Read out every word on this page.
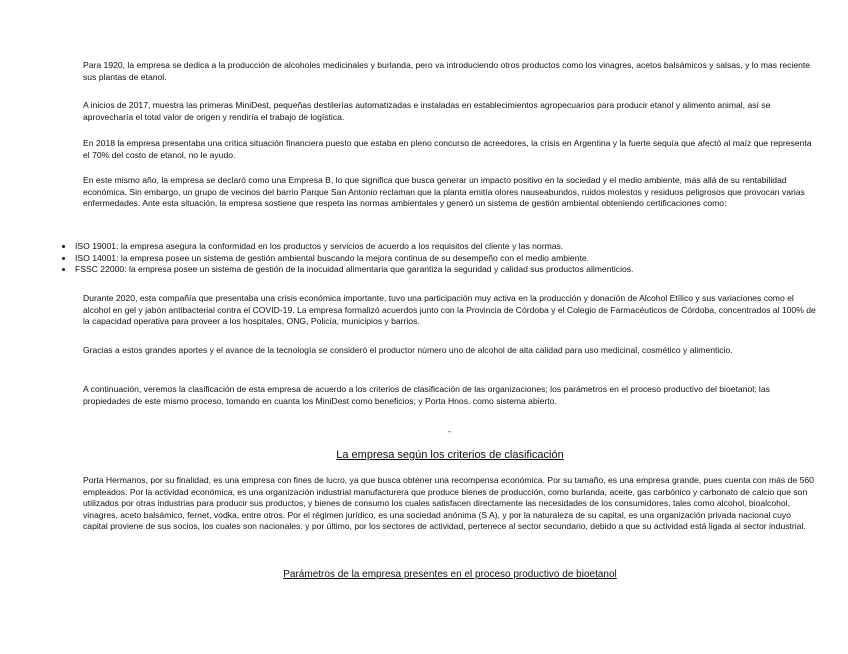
Para 1920, la empresa se dedica a la producción de alcoholes medicinales y burlanda, pero va introduciendo otros productos como los vinagres, acetos balsámicos y salsas, y lo mas reciente sus plantas de etanol.

A inicios de 2017, muestra las primeras MiniDest, pequeñas destilerías automatizadas e instaladas en establecimientos agropecuarios para producir etanol y alimento animal, así se aprovecharía el total valor de origen y rendiría el trabajo de logística.

En 2018 la empresa presentaba una crítica situación financiera puesto que estaba en pleno concurso de acreedores, la crisis en Argentina y la fuerte sequía que afectó al maíz que representa el 70% del costo de etanol, no le ayudo.

En este mismo año, la empresa se declaró como una Empresa B, lo que significa que busca generar un impacto positivo en la sociedad y el medio ambiente, más allá de su rentabilidad económica. Sin embargo, un grupo de vecinos del barrio Parque San Antonio reclaman que la planta emitía olores nauseabundos, ruidos molestos y residuos peligrosos que provocan varias enfermedades. Ante esta situación, la empresa sostiene que respeta las normas ambientales y generó un sistema de gestión ambiental obteniendo certificaciones como:

ISO 19001: la empresa asegura la conformidad en los productos y servicios de acuerdo a los requisitos del cliente y las normas.
ISO 14001: la empresa posee un sistema de gestión ambiental buscando la mejora continua de su desempeño con el medio ambiente.
FSSC 22000: la empresa posee un sistema de gestión de la inocuidad alimentaria que garantiza la seguridad y calidad sus productos alimenticios.

Durante 2020, esta compañía que presentaba una crisis económica importante, tuvo una participación muy activa en la producción y donación de Alcohol Etílico y sus variaciones como el alcohol en gel y jabón antibacterial contra el COVID-19. La empresa formalizó acuerdos junto con la Provincia de Córdoba y el Colegio de Farmacéuticos de Córdoba, concentrados al 100% de la capacidad operativa para proveer a los hospitales, ONG, Policía, municipios y barrios.

Gracias a estos grandes aportes y el avance de la tecnología se consideró el productor número uno de alcohol de alta calidad para uso medicinal, cosmético y alimenticio.

A continuación, veremos la clasificación de esta empresa de acuerdo a los criterios de clasificación de las organizaciones; los parámetros en el proceso productivo del bioetanol; las propiedades de este mismo proceso, tomando en cuanta los MiniDest como beneficios; y Porta Hnos. como sistema abierto.

-
La empresa según los criterios de clasificación

Porta Hermanos, por su finalidad, es una empresa con fines de lucro, ya que busca obtener una recompensa económica. Por su tamaño, es una empresa grande, pues cuenta con más de 560 empleados. Por la actividad económica, es una organización industrial manufacturera que produce bienes de producción, como burlanda, aceite, gas carbónico y carbonato de calcio que son utilizados por otras industrias para producir sus productos, y bienes de consumo los cuales satisfacen directamente las necesidades de los consumidores, tales como alcohol, bioalcohol, vinagres, aceto balsámico, fernet, vodka, entre otros. Por el régimen jurídico, es una sociedad anónima (S A), y por la naturaleza de su capital, es una organización privada nacional cuyo capital proviene de sus socios, los cuales son nacionales. y por último, por los sectores de actividad, pertenece al sector secundario, debido a que su actividad está ligada al sector industrial.

Parámetros de la empresa presentes en el proceso productivo de bioetanol
